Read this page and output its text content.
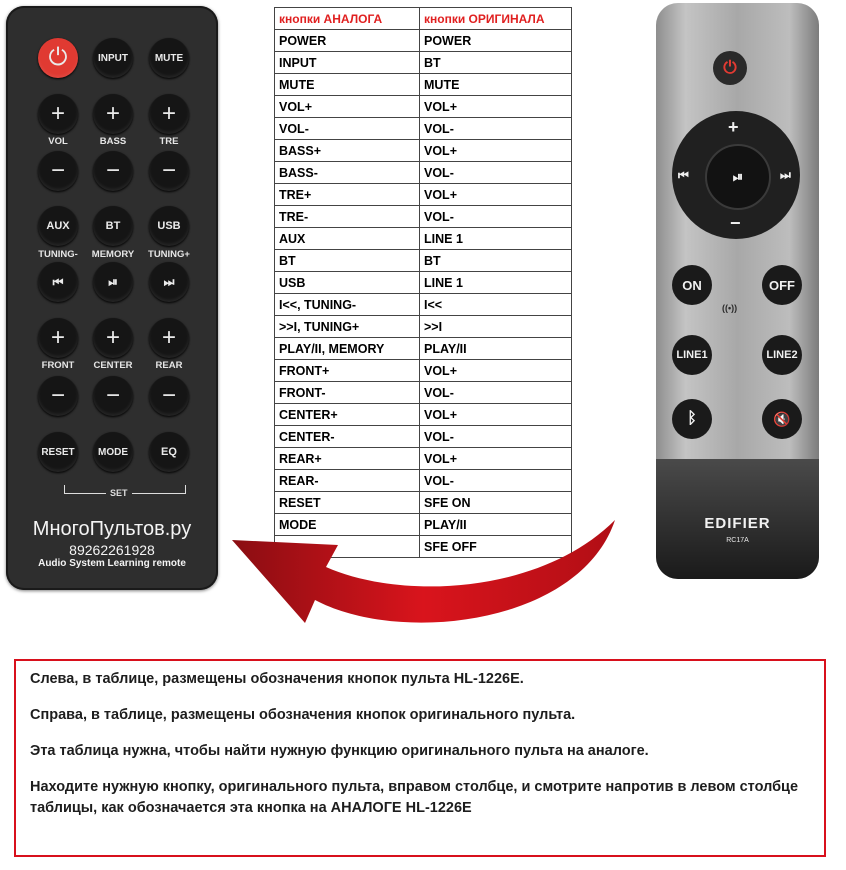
⏻	INPUT	MUTE
+	+	+
VOL	BASS	TRE
−	−	−
AUX	BT	USB
TUNING-	MEMORY	TUNING+
⏮	⏯	⏭
+	+	+
FRONT	CENTER	REAR
−	−	−
RESET	MODE	EQ
SET
МногоПультов.ру
89262261928
Audio System Learning remote
кнопки АНАЛОГА	кнопки ОРИГИНАЛА
POWER	POWER
INPUT	BT
MUTE	MUTE
VOL+	VOL+
VOL-	VOL-
BASS+	VOL+
BASS-	VOL-
TRE+	VOL+
TRE-	VOL-
AUX	LINE 1
BT	BT
USB	LINE 1
I<<, TUNING-	I<<
>>I, TUNING+	>>I
PLAY/II, MEMORY	PLAY/II
FRONT+	VOL+
FRONT-	VOL-
CENTER+	VOL+
CENTER-	VOL-
REAR+	VOL+
REAR-	VOL-
RESET	SFE ON
MODE	PLAY/II
	SFE OFF
⏻
+
−
⏮	⏭
⏯
ON	OFF
((•))
LINE1	LINE2
ᛒ	🔇
EDIFIER
RC17A

Слева, в таблице, размещены обозначения кнопок пульта HL-1226E.

Справа, в таблице, размещены обозначения кнопок оригинального пульта.

Эта таблица нужна, чтобы найти нужную функцию оригинального пульта на аналоге.

Находите нужную кнопку, оригинального пульта, вправом столбце, и смотрите напротив в левом столбце таблицы, как обозначается эта кнопка на АНАЛОГЕ HL-1226E
